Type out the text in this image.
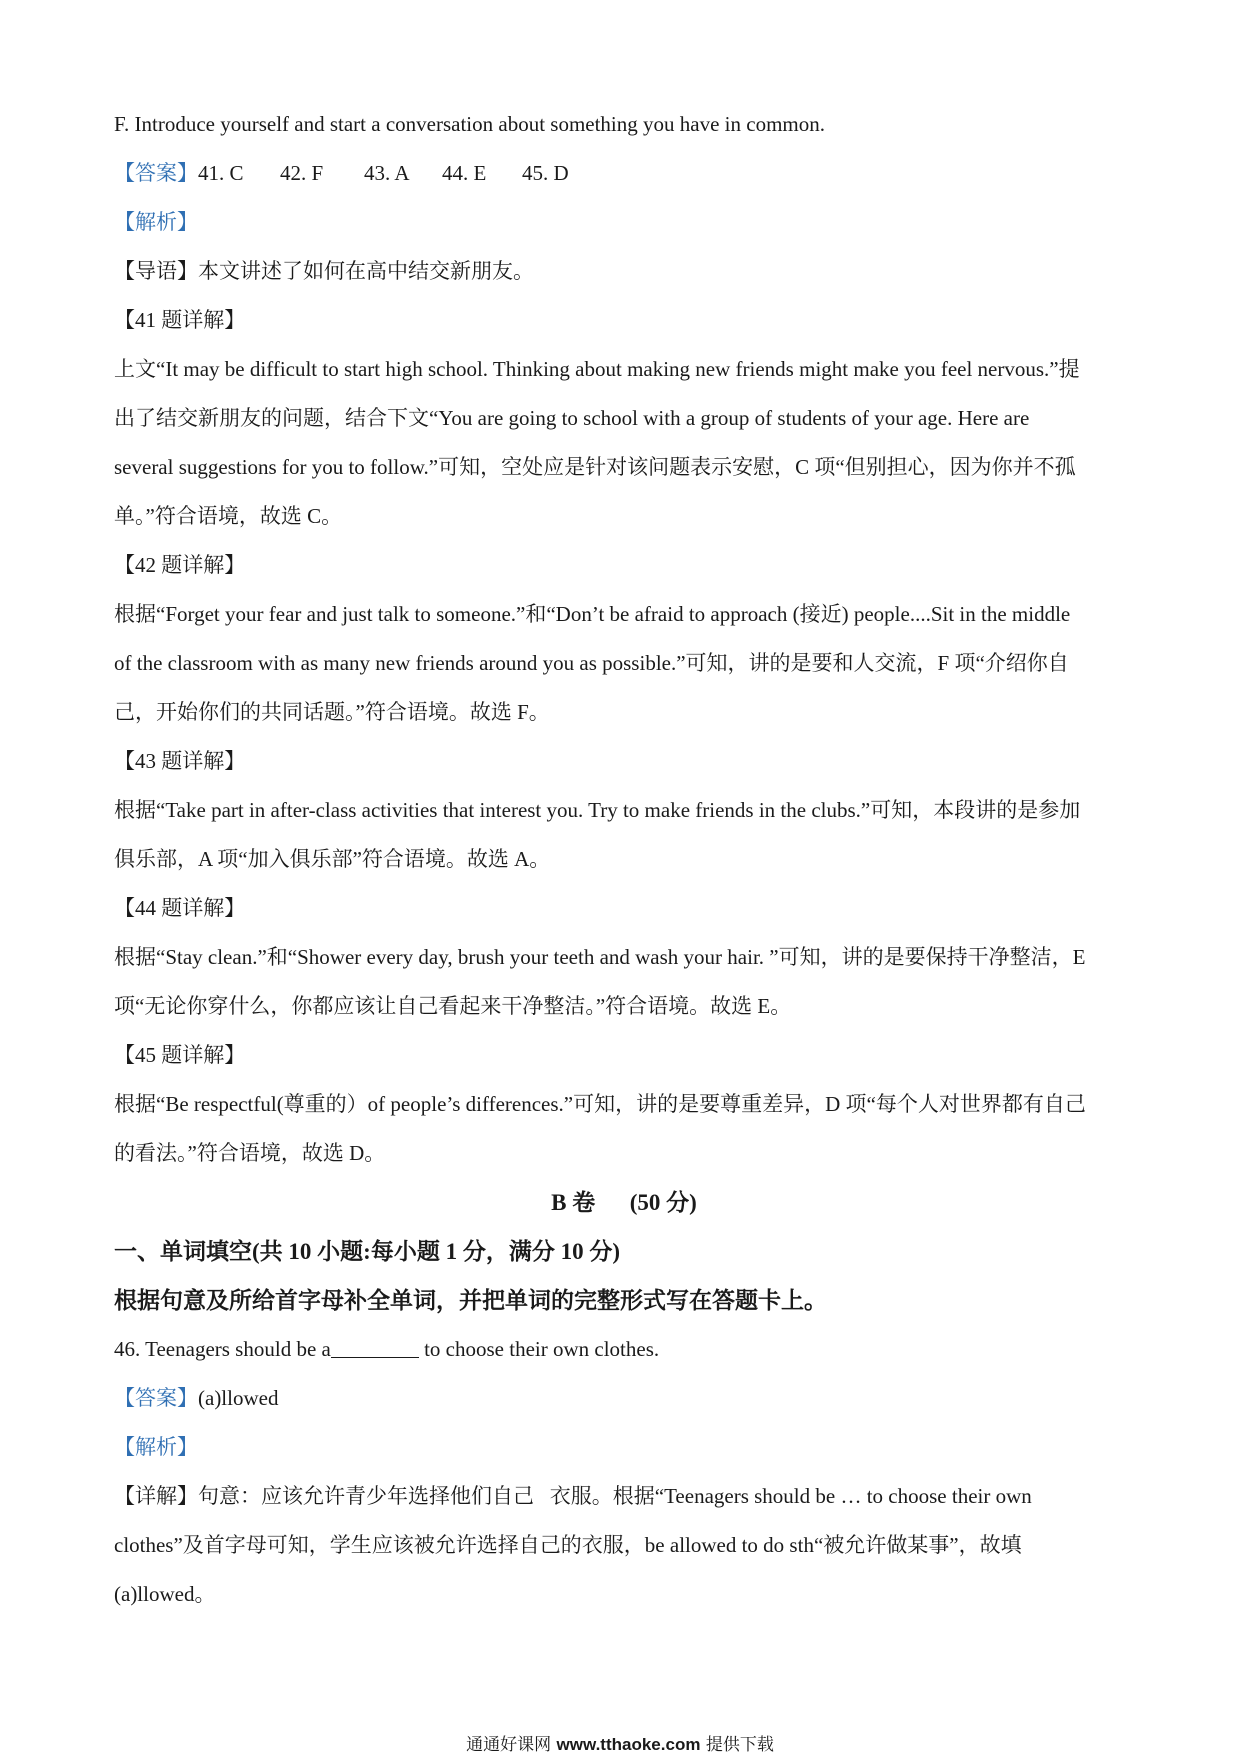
F. Introduce yourself and start a conversation about something you have in common.
【答案】41. C 42. F 43. A 44. E 45. D
【解析】
【导语】本文讲述了如何在高中结交新朋友。
【41 题详解】
上文“It may be difficult to start high school. Thinking about making new friends might make you feel nervous.”提
出了结交新朋友的问题，结合下文“You are going to school with a group of students of your age. Here are
several suggestions for you to follow.”可知，空处应是针对该问题表示安慰，C 项“但别担心，因为你并不孤
单。”符合语境，故选 C。
【42 题详解】
根据“Forget your fear and just talk to someone.”和“Don’t be afraid to approach (接近) people....Sit in the middle
of the classroom with as many new friends around you as possible.”可知，讲的是要和人交流，F 项“介绍你自
己，开始你们的共同话题。”符合语境。故选 F。
【43 题详解】
根据“Take part in after-class activities that interest you. Try to make friends in the clubs.”可知，本段讲的是参加
俱乐部，A 项“加入俱乐部”符合语境。故选 A。
【44 题详解】
根据“Stay clean.”和“Shower every day, brush your teeth and wash your hair. ”可知，讲的是要保持干净整洁，E
项“无论你穿什么，你都应该让自己看起来干净整洁。”符合语境。故选 E。
【45 题详解】
根据“Be respectful(尊重的）of people’s differences.”可知，讲的是要尊重差异，D 项“每个人对世界都有自己
的看法。”符合语境，故选 D。
B 卷      (50 分)
一、单词填空(共 10 小题:每小题 1 分，满分 10 分)
根据句意及所给首字母补全单词，并把单词的完整形式写在答题卡上。
46. Teenagers should be a	to choose their own clothes.
【答案】(a)llowed
【解析】
【详解】句意：应该允许青少年选择他们自己   衣服。根据“Teenagers should be … to choose their own
clothes”及首字母可知，学生应该被允许选择自己的衣服，be allowed to do sth“被允许做某事”，故填
(a)llowed。
通通好课网 www.tthaoke.com 提供下载
